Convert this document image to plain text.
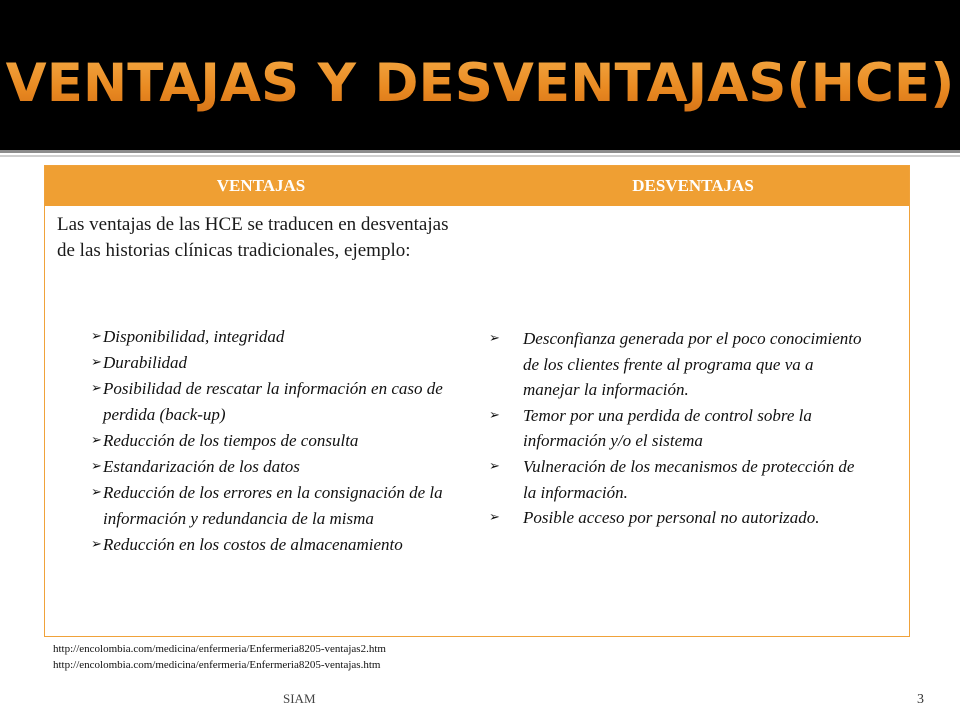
VENTAJAS Y DESVENTAJAS(HCE)
VENTAJAS	DESVENTAJAS
Las ventajas de las HCE se traducen en desventajas de las historias clínicas tradicionales, ejemplo:
➢ Disponibilidad, integridad
➢ Durabilidad
➢ Posibilidad de rescatar la información en caso de perdida (back-up)
➢ Reducción de los tiempos de consulta
➢ Estandarización de los datos
➢ Reducción de los errores en la consignación de la información y redundancia de la misma
➢ Reducción en los costos de almacenamiento
➢ Desconfianza generada por el poco conocimiento de los clientes frente al programa que va a manejar la información.
➢ Temor por una perdida de control sobre la información y/o el sistema
➢ Vulneración de los mecanismos de protección de la información.
➢ Posible acceso por personal no autorizado.
http://encolombia.com/medicina/enfermeria/Enfermeria8205-ventajas2.htm
http://encolombia.com/medicina/enfermeria/Enfermeria8205-ventajas.htm
SIAM	3
